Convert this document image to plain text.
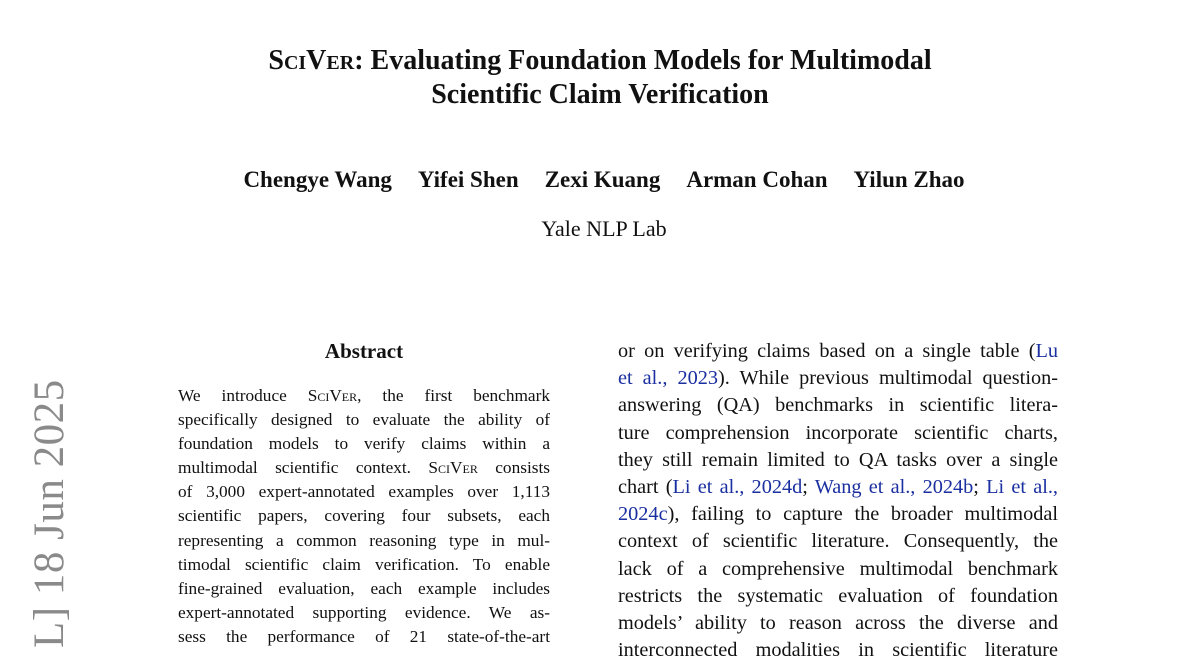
SciVer: Evaluating Foundation Models for Multimodal
Scientific Claim Verification
Chengye Wang Yifei Shen Zexi Kuang Arman Cohan Yilun Zhao
Yale NLP Lab
L] 18 Jun 2025
Abstract
We introduce SciVer, the first benchmark
specifically designed to evaluate the ability of
foundation models to verify claims within a
multimodal scientific context. SciVer consists
of 3,000 expert-annotated examples over 1,113
scientific papers, covering four subsets, each
representing a common reasoning type in mul-
timodal scientific claim verification. To enable
fine-grained evaluation, each example includes
expert-annotated supporting evidence. We as-
sess the performance of 21 state-of-the-art
or on verifying claims based on a single table (Lu
et al., 2023). While previous multimodal question-
answering (QA) benchmarks in scientific litera-
ture comprehension incorporate scientific charts,
they still remain limited to QA tasks over a single
chart (Li et al., 2024d; Wang et al., 2024b; Li et al.,
2024c), failing to capture the broader multimodal
context of scientific literature. Consequently, the
lack of a comprehensive multimodal benchmark
restricts the systematic evaluation of foundation
models’ ability to reason across the diverse and
interconnected modalities in scientific literature
